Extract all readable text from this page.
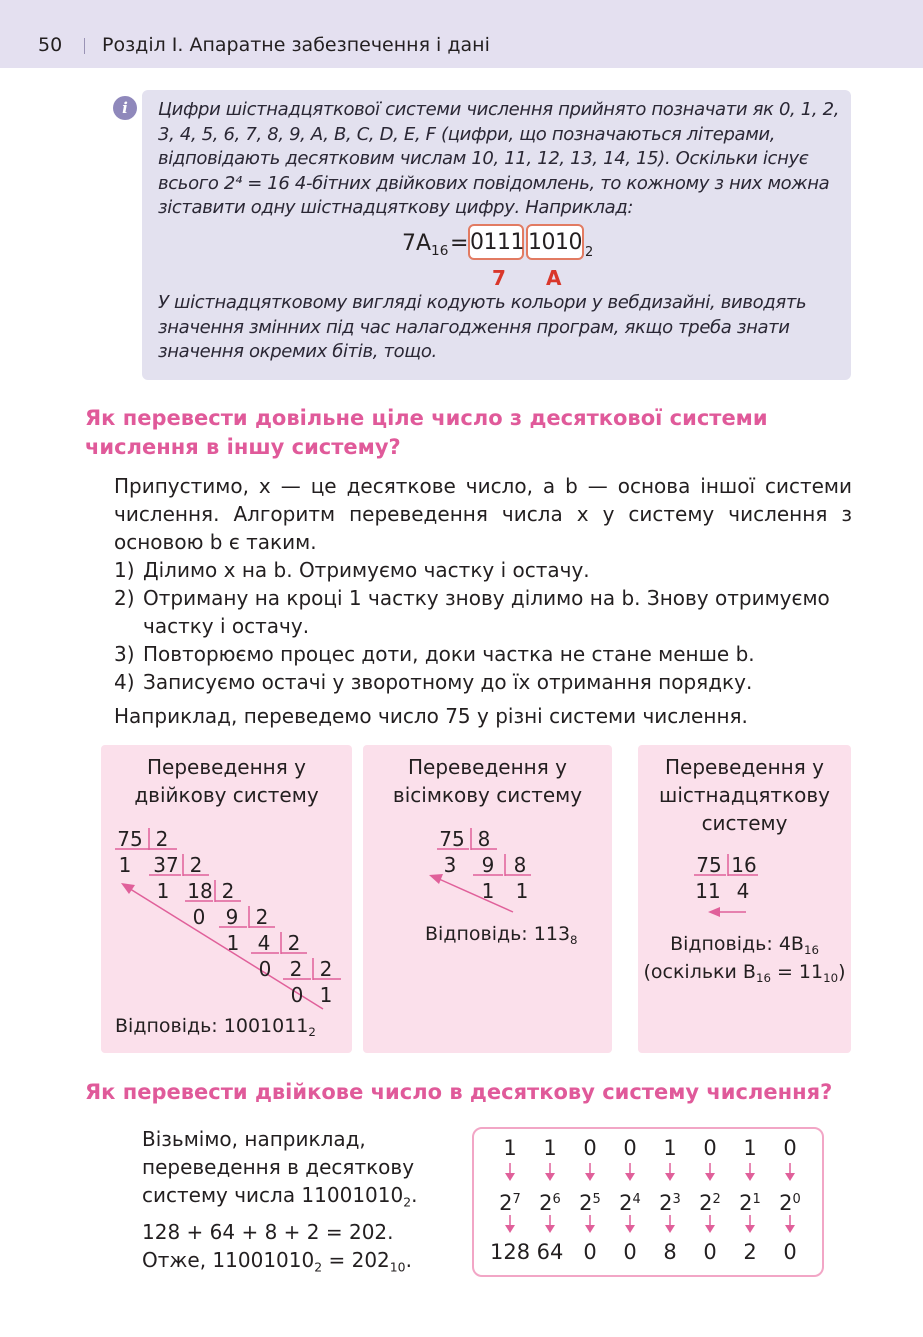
50 Розділ І. Апаратне забезпечення і дані
i	Цифри шістнадцяткової системи числення прийнято позначати як 0, 1, 2, 3, 4, 5, 6, 7, 8, 9, A, B, C, D, E, F (цифри, що позначаються літерами, відповідають десятковим числам 10, 11, 12, 13, 14, 15). Оскільки існує всього 2⁴ = 16 4-бітних двійкових повідомлень, то кожному з них можна зіставити одну шістнадцяткову цифру. Наприклад:
$7A_{16} = 0111$ 1010 2
7 A
У шістнадцятковому вигляді кодують кольори у вебдизайні, виводять значення змінних під час налагодження програм, якщо треба знати значення окремих бітів, тощо.
Як перевести довільне ціле число з десяткової системи числення в іншу систему?
Припустимо, x — це десяткове число, а b — основа іншої системи числення. Алгоритм переведення числа x у систему числення з основою b є таким.
1) Ділимо x на b. Отримуємо частку і остачу.
2) Отриману на кроці 1 частку знову ділимо на b. Знову отримуємо частку і остачу.
3) Повторюємо процес доти, доки частка не стане менше b.
4) Записуємо остачі у зворотному до їх отримання порядку.
Наприклад, переведемо число 75 у різні системи числення.
Переведення у двійкову систему
Переведення у вісімкову систему
Переведення у шістнадцяткову систему
75 2
1 37 2
1 18 2
0 9 2
1 4 2
0 2 2
0 1
Відповідь: $1001011_2$
75 8
3 9 8
1 1
Відповідь: $113_8$
75 16
11 4
Відповідь: $4B_{16}$
(оскільки $B_{16} = 11_{10}$)
Як перевести двійкове число в десяткову систему числення?
Візьмімо, наприклад, переведення в десяткову систему числа $11001010_2$.
128 + 64 + 8 + 2 = 202.
Отже, $11001010_2 = 202_{10}$.
1
$2^7$
128
1
$2^6$
64
0
$2^5$
0
0
$2^4$
0
1
$2^3$
8
0
$2^2$
0
1
$2^1$
2
0
$2^0$
0
